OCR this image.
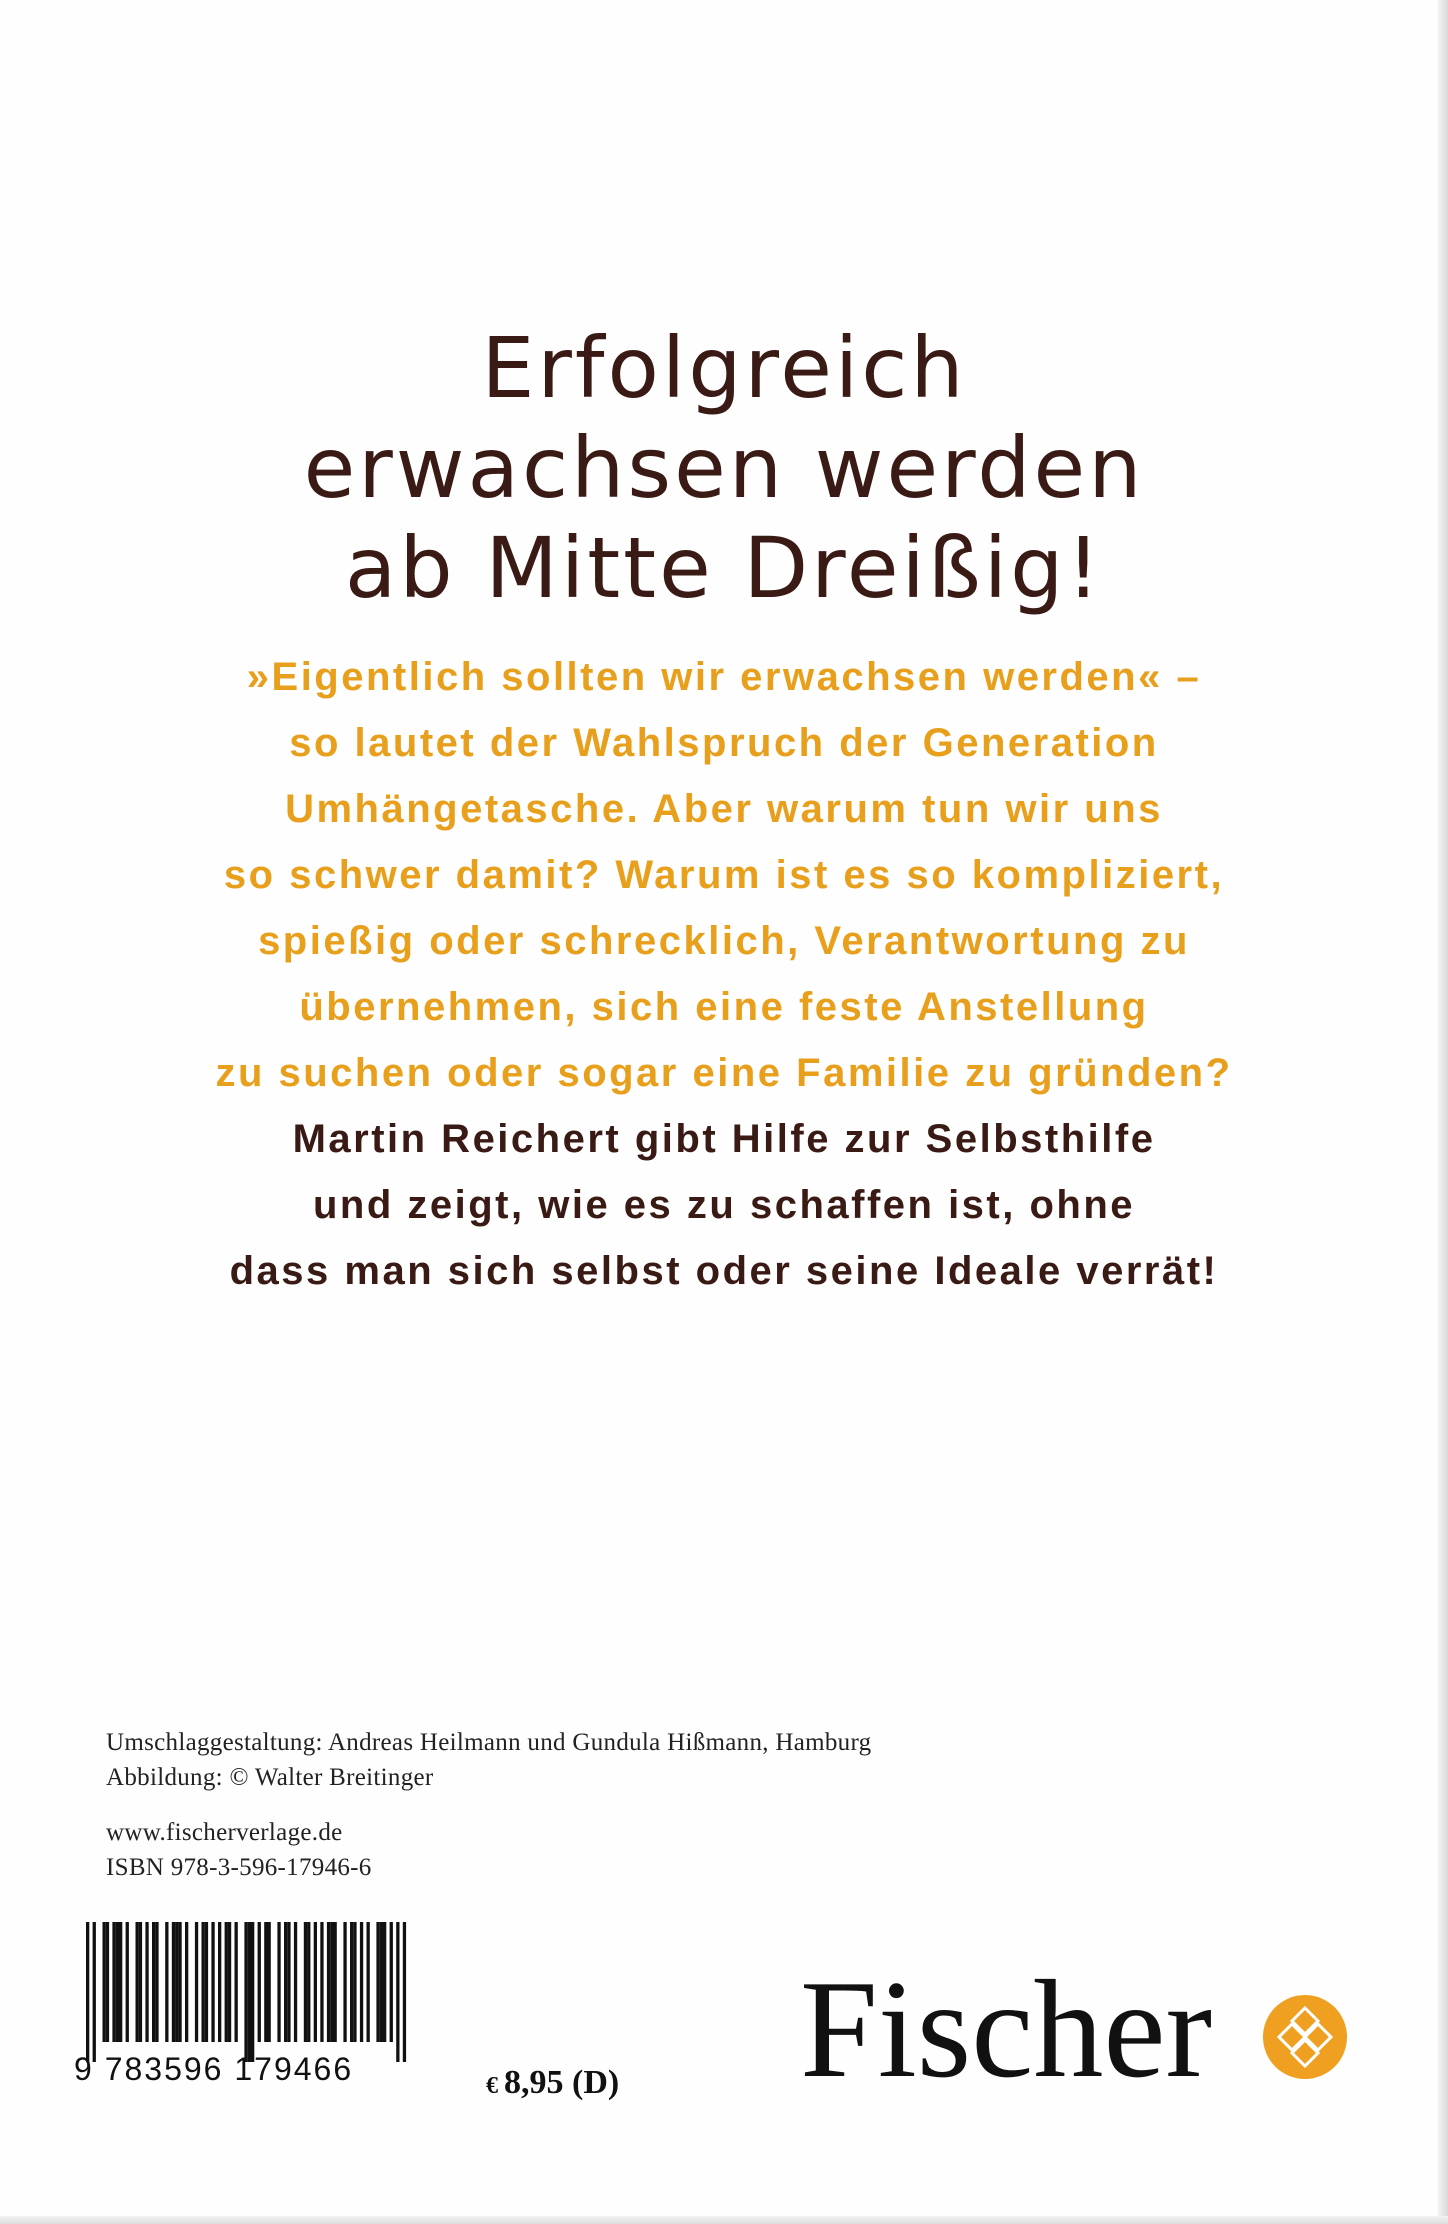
Erfolgreich
erwachsen werden
ab Mitte Dreißig!
»Eigentlich sollten wir erwachsen werden« –
so lautet der Wahlspruch der Generation
Umhängetasche. Aber warum tun wir uns
so schwer damit? Warum ist es so kompliziert,
spießig oder schrecklich, Verantwortung zu
übernehmen, sich eine feste Anstellung
zu suchen oder sogar eine Familie zu gründen?
Martin Reichert gibt Hilfe zur Selbsthilfe
und zeigt, wie es zu schaffen ist, ohne
dass man sich selbst oder seine Ideale verrät!
Umschlaggestaltung: Andreas Heilmann und Gundula Hißmann, Hamburg
Abbildung: © Walter Breitinger
www.fischerverlage.de
ISBN 978-3-596-17946-6
9 783596 179466	€ 8,95 (D) Fischer
